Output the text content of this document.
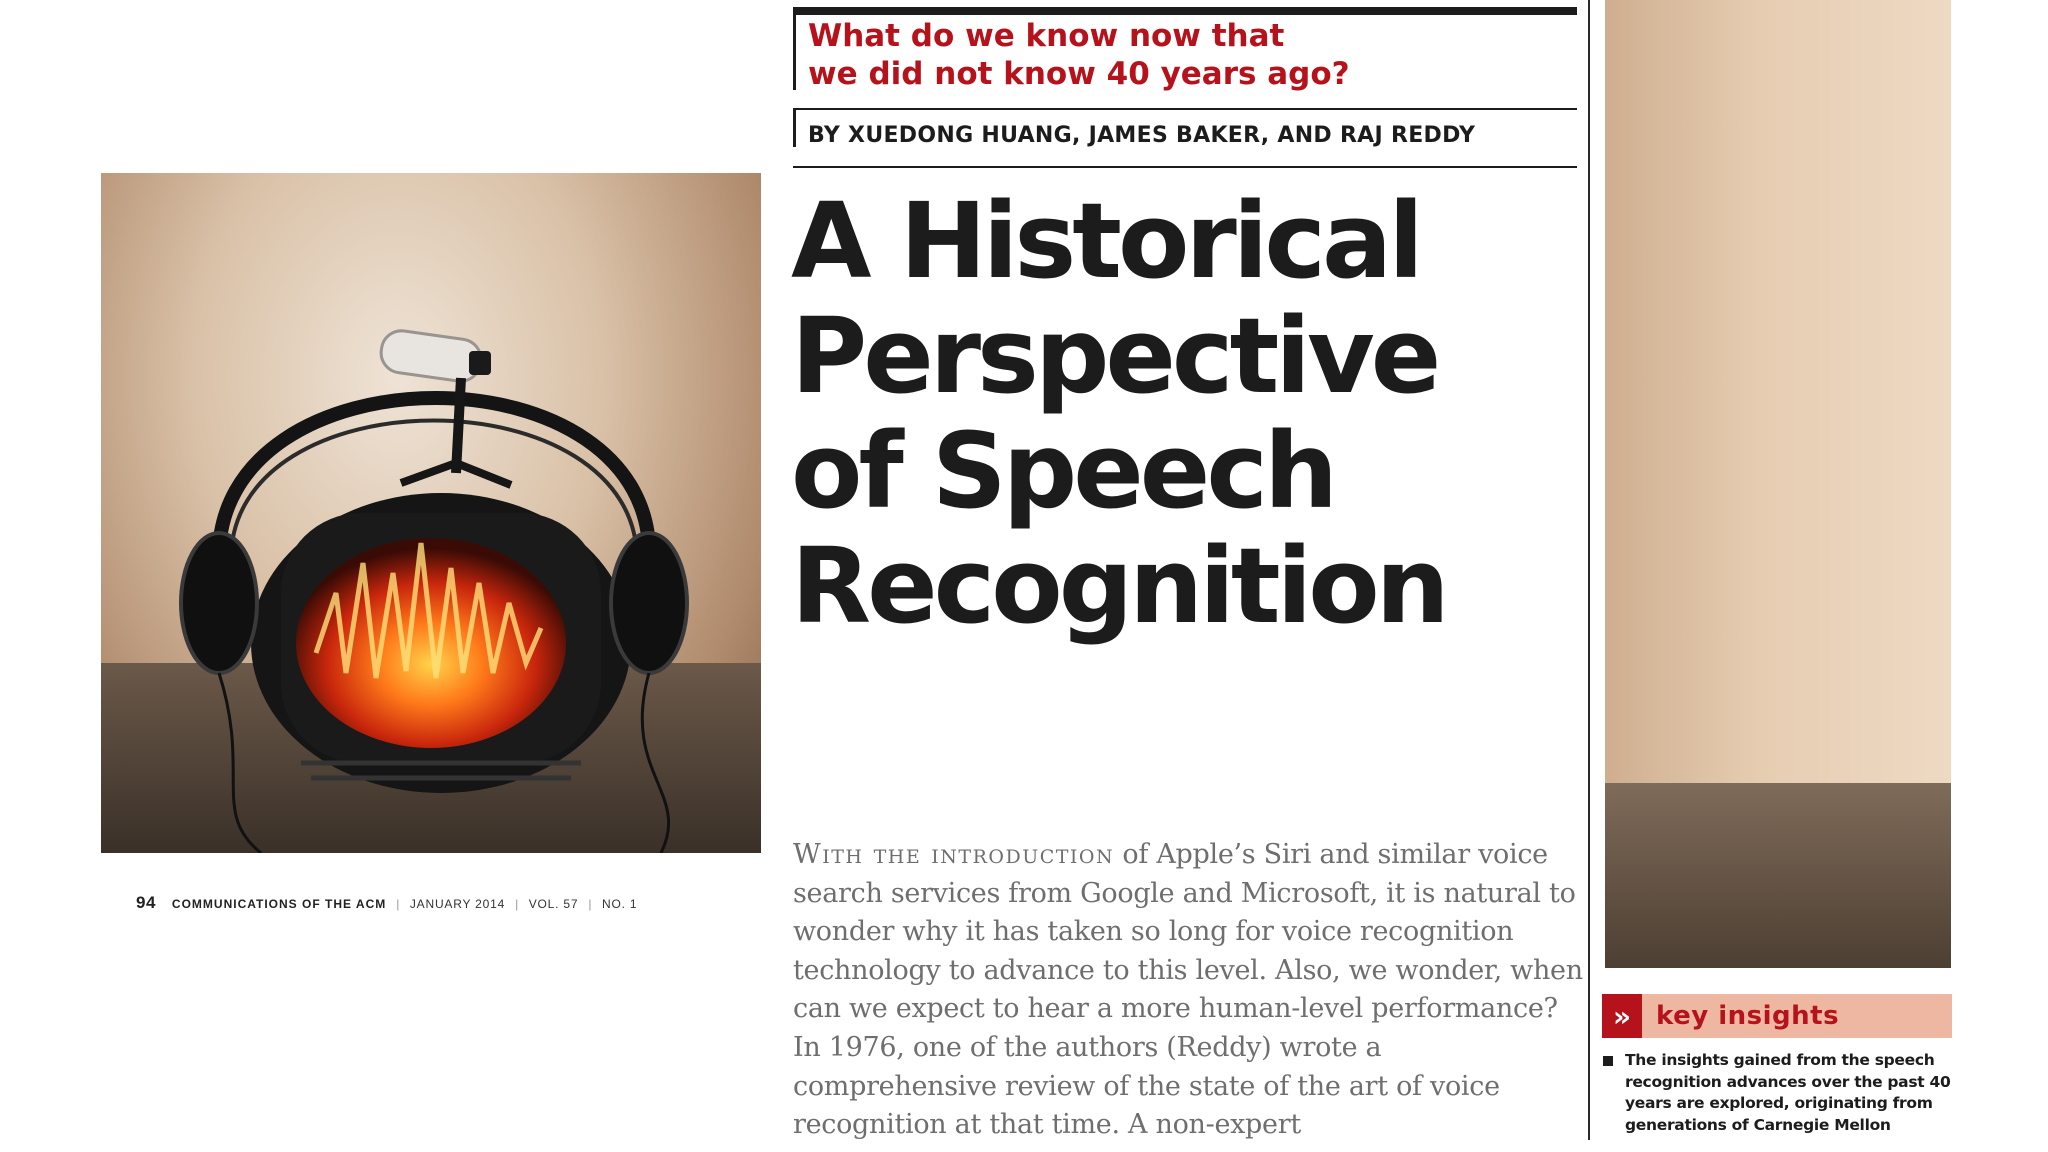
94 COMMUNICATIONS OF THE ACM | JANUARY 2014 | VOL. 57 | NO. 1
What do we know now that
we did not know 40 years ago?

BY XUEDONG HUANG, JAMES BAKER, AND RAJ REDDY

A Historical
Perspective
of Speech
Recognition

With the introduction of Apple’s Siri and similar voice search services from Google and Microsoft, it is natural to wonder why it has taken so long for voice recognition technology to advance to this level. Also, we wonder, when can we expect to hear a more human-level performance? In 1976, one of the authors (Reddy) wrote a comprehensive review of the state of the art of voice recognition at that time. A non-expert

» key insights

The insights gained from the speech recognition advances over the past 40 years are explored, originating from generations of Carnegie Mellon
